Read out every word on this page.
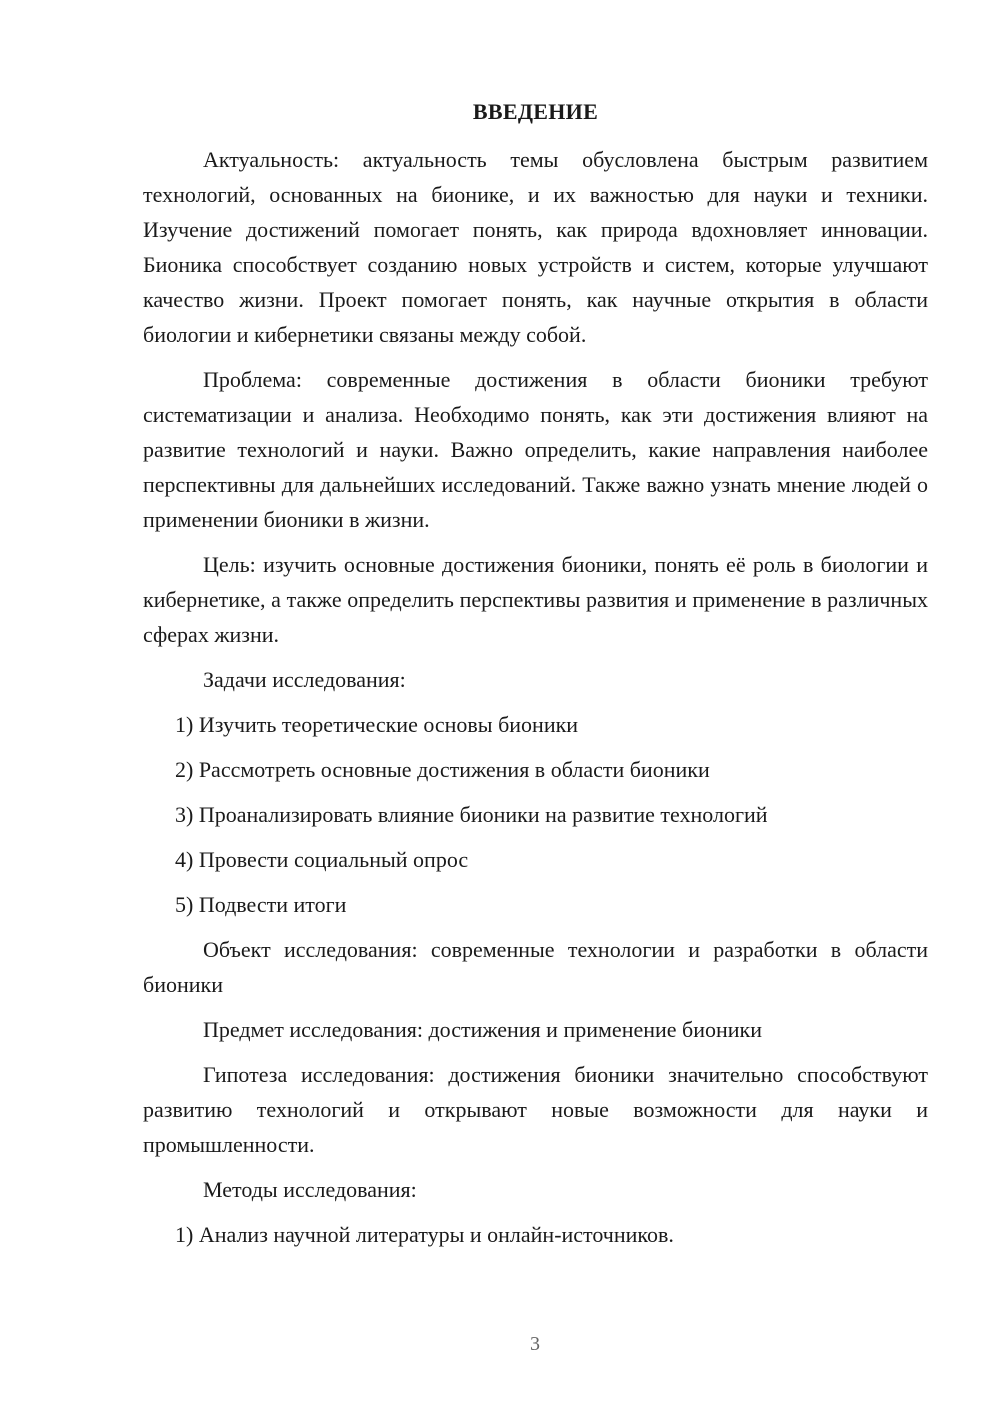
ВВЕДЕНИЕ

Актуальность: актуальность темы обусловлена быстрым развитием технологий, основанных на бионике, и их важностью для науки и техники. Изучение достижений помогает понять, как природа вдохновляет инновации. Бионика способствует созданию новых устройств и систем, которые улучшают качество жизни. Проект помогает понять, как научные открытия в области биологии и кибернетики связаны между собой.

Проблема: современные достижения в области бионики требуют систематизации и анализа. Необходимо понять, как эти достижения влияют на развитие технологий и науки. Важно определить, какие направления наиболее перспективны для дальнейших исследований. Также важно узнать мнение людей о применении бионики в жизни.

Цель: изучить основные достижения бионики, понять её роль в биологии и кибернетике, а также определить перспективы развития и применение в различных сферах жизни.

Задачи исследования:

1) Изучить теоретические основы бионики

2) Рассмотреть основные достижения в области бионики

3) Проанализировать влияние бионики на развитие технологий

4) Провести социальный опрос

5) Подвести итоги

Объект исследования: современные технологии и разработки в области бионики

Предмет исследования: достижения и применение бионики

Гипотеза исследования: достижения бионики значительно способствуют развитию технологий и открывают новые возможности для науки и промышленности.

Методы исследования:

1) Анализ научной литературы и онлайн-источников.

3
